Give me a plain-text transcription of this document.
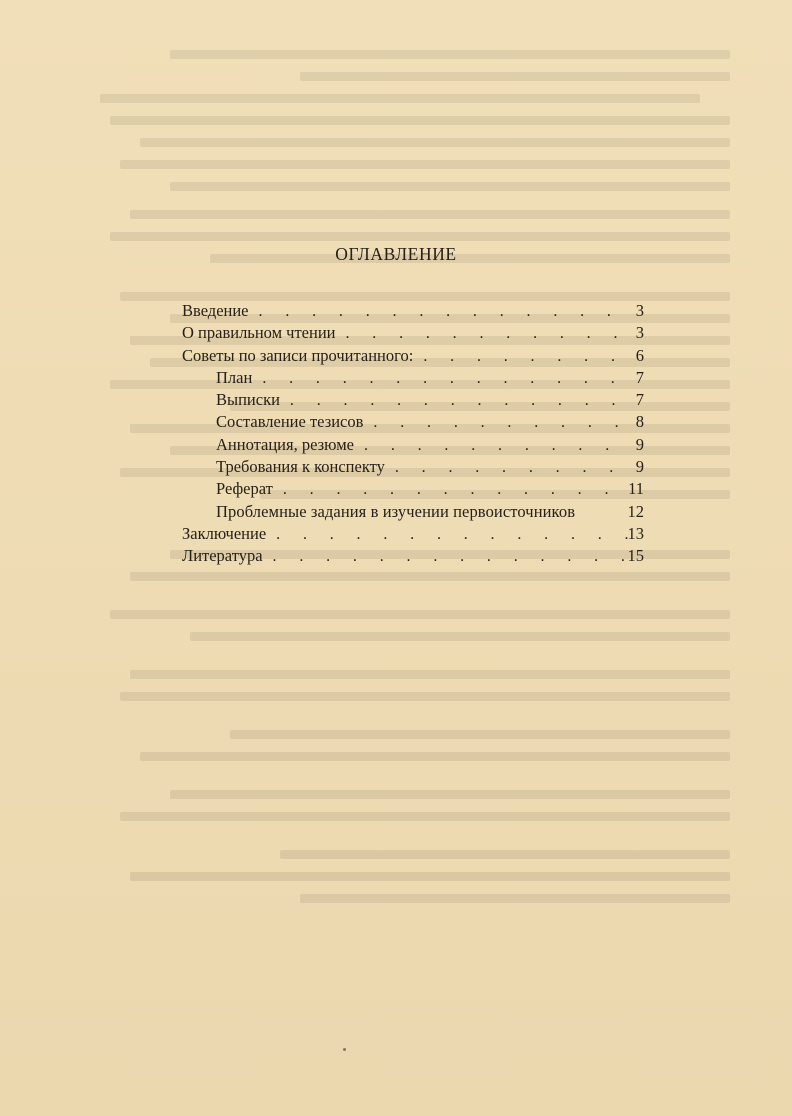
ОГЛАВЛЕНИЕ
Введение . . .	3
О правильном чтении . . .	3
Советы по записи прочитанного: . . .	6
План . . .	7
Выписки . . .	7
Составление тезисов . . .	8
Аннотация, резюме . . .	9
Требования к конспекту . . .	9
Реферат . . .	11
Проблемные задания в изучении первоисточников	12
Заключение . . .	13
Литература . . .	15
